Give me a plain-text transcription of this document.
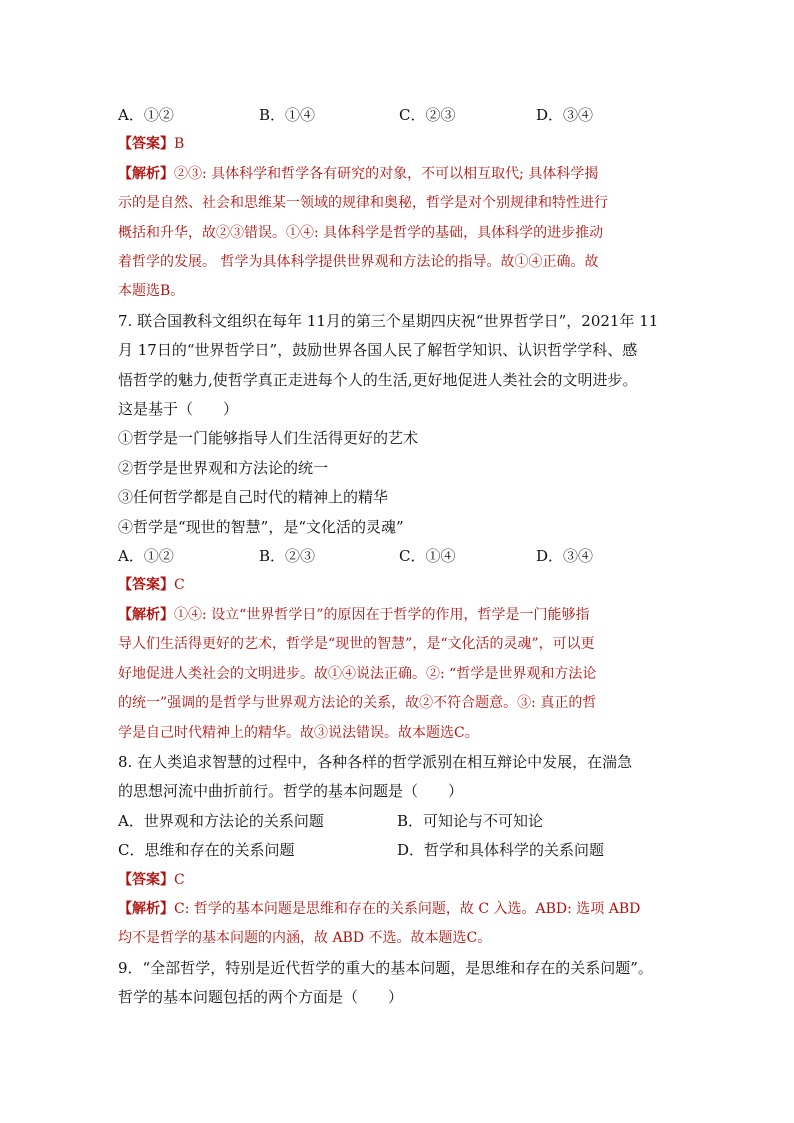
A．①②	B．①④	C．②③	D．③④
【答案】B
【解析】②③: 具体科学和哲学各有研究的对象，不可以相互取代; 具体科学揭
示的是自然、社会和思维某一领域的规律和奥秘，哲学是对个别规律和特性进行
概括和升华，故②③错误。①④: 具体科学是哲学的基础，具体科学的进步推动
着哲学的发展。 哲学为具体科学提供世界观和方法论的指导。故①④正确。故
本题选B。
7. 联合国教科文组织在每年 11月的第三个星期四庆祝“世界哲学日”，2021年 11
月 17日的“世界哲学日”，鼓励世界各国人民了解哲学知识、认识哲学学科、感
悟哲学的魅力,使哲学真正走进每个人的生活,更好地促进人类社会的文明进步。
这是基于（　　）
①哲学是一门能够指导人们生活得更好的艺术
②哲学是世界观和方法论的统一
③任何哲学都是自己时代的精神上的精华
④哲学是“现世的智慧”，是“文化活的灵魂”
A．①②	B．②③	C．①④	D．③④
【答案】C
【解析】①④: 设立“世界哲学日”的原因在于哲学的作用，哲学是一门能够指
导人们生活得更好的艺术，哲学是“现世的智慧”，是“文化活的灵魂”，可以更
好地促进人类社会的文明进步。故①④说法正确。②: “哲学是世界观和方法论
的统一”强调的是哲学与世界观方法论的关系，故②不符合题意。③: 真正的哲
学是自己时代精神上的精华。故③说法错误。故本题选C。
8. 在人类追求智慧的过程中，各种各样的哲学派别在相互辩论中发展，在湍急
的思想河流中曲折前行。哲学的基本问题是（　　）
A．世界观和方法论的关系问题	B．可知论与不可知论
C．思维和存在的关系问题	D．哲学和具体科学的关系问题
【答案】C
【解析】C: 哲学的基本问题是思维和存在的关系问题，故 C 入选。ABD: 选项 ABD
均不是哲学的基本问题的内涵，故 ABD 不选。故本题选C。
9．“全部哲学，特别是近代哲学的重大的基本问题，是思维和存在的关系问题”。
哲学的基本问题包括的两个方面是（　　）
